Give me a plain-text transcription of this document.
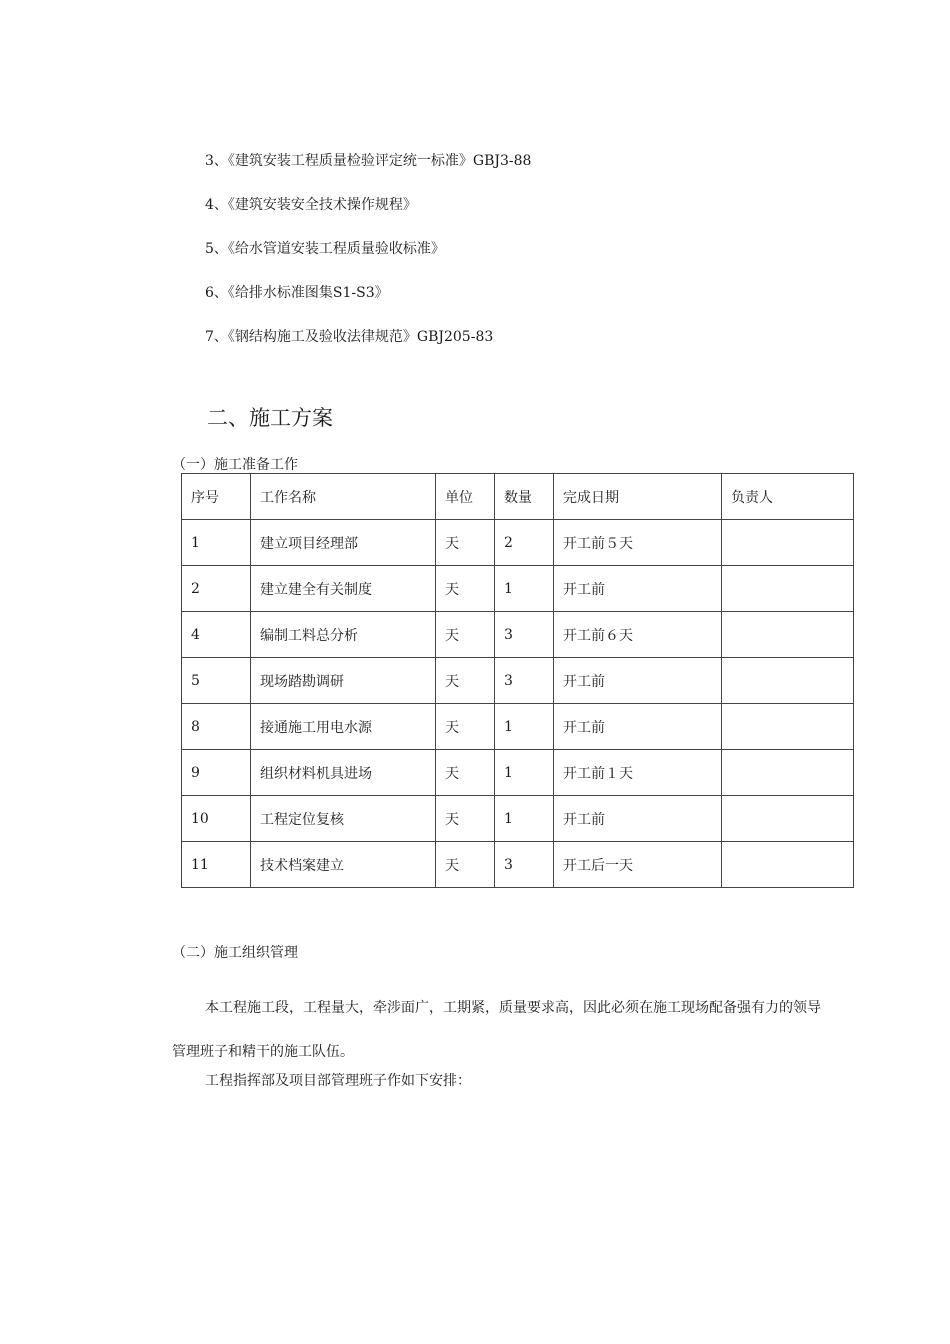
3、《建筑安装工程质量检验评定统一标准》GBJ3-88
4、《建筑安装安全技术操作规程》
5、《给水管道安装工程质量验收标准》
6、《给排水标准图集S1-S3》
7、《钢结构施工及验收法律规范》GBJ205-83
二、施工方案
（一）施工准备工作
序号	工作名称	单位	数量	完成日期	负责人
1	建立项目经理部	天	2	开工前５天	
2	建立建全有关制度	天	1	开工前	
4	编制工料总分析	天	3	开工前６天	
5	现场踏勘调研	天	3	开工前	
8	接通施工用电水源	天	1	开工前	
9	组织材料机具进场	天	1	开工前１天	
10	工程定位复核	天	1	开工前	
11	技术档案建立	天	3	开工后一天	
（二）施工组织管理

本工程施工段，工程量大，牵涉面广，工期紧，质量要求高，因此必须在施工现场配备强有力的领导管理班子和精干的施工队伍。

工程指挥部及项目部管理班子作如下安排：
